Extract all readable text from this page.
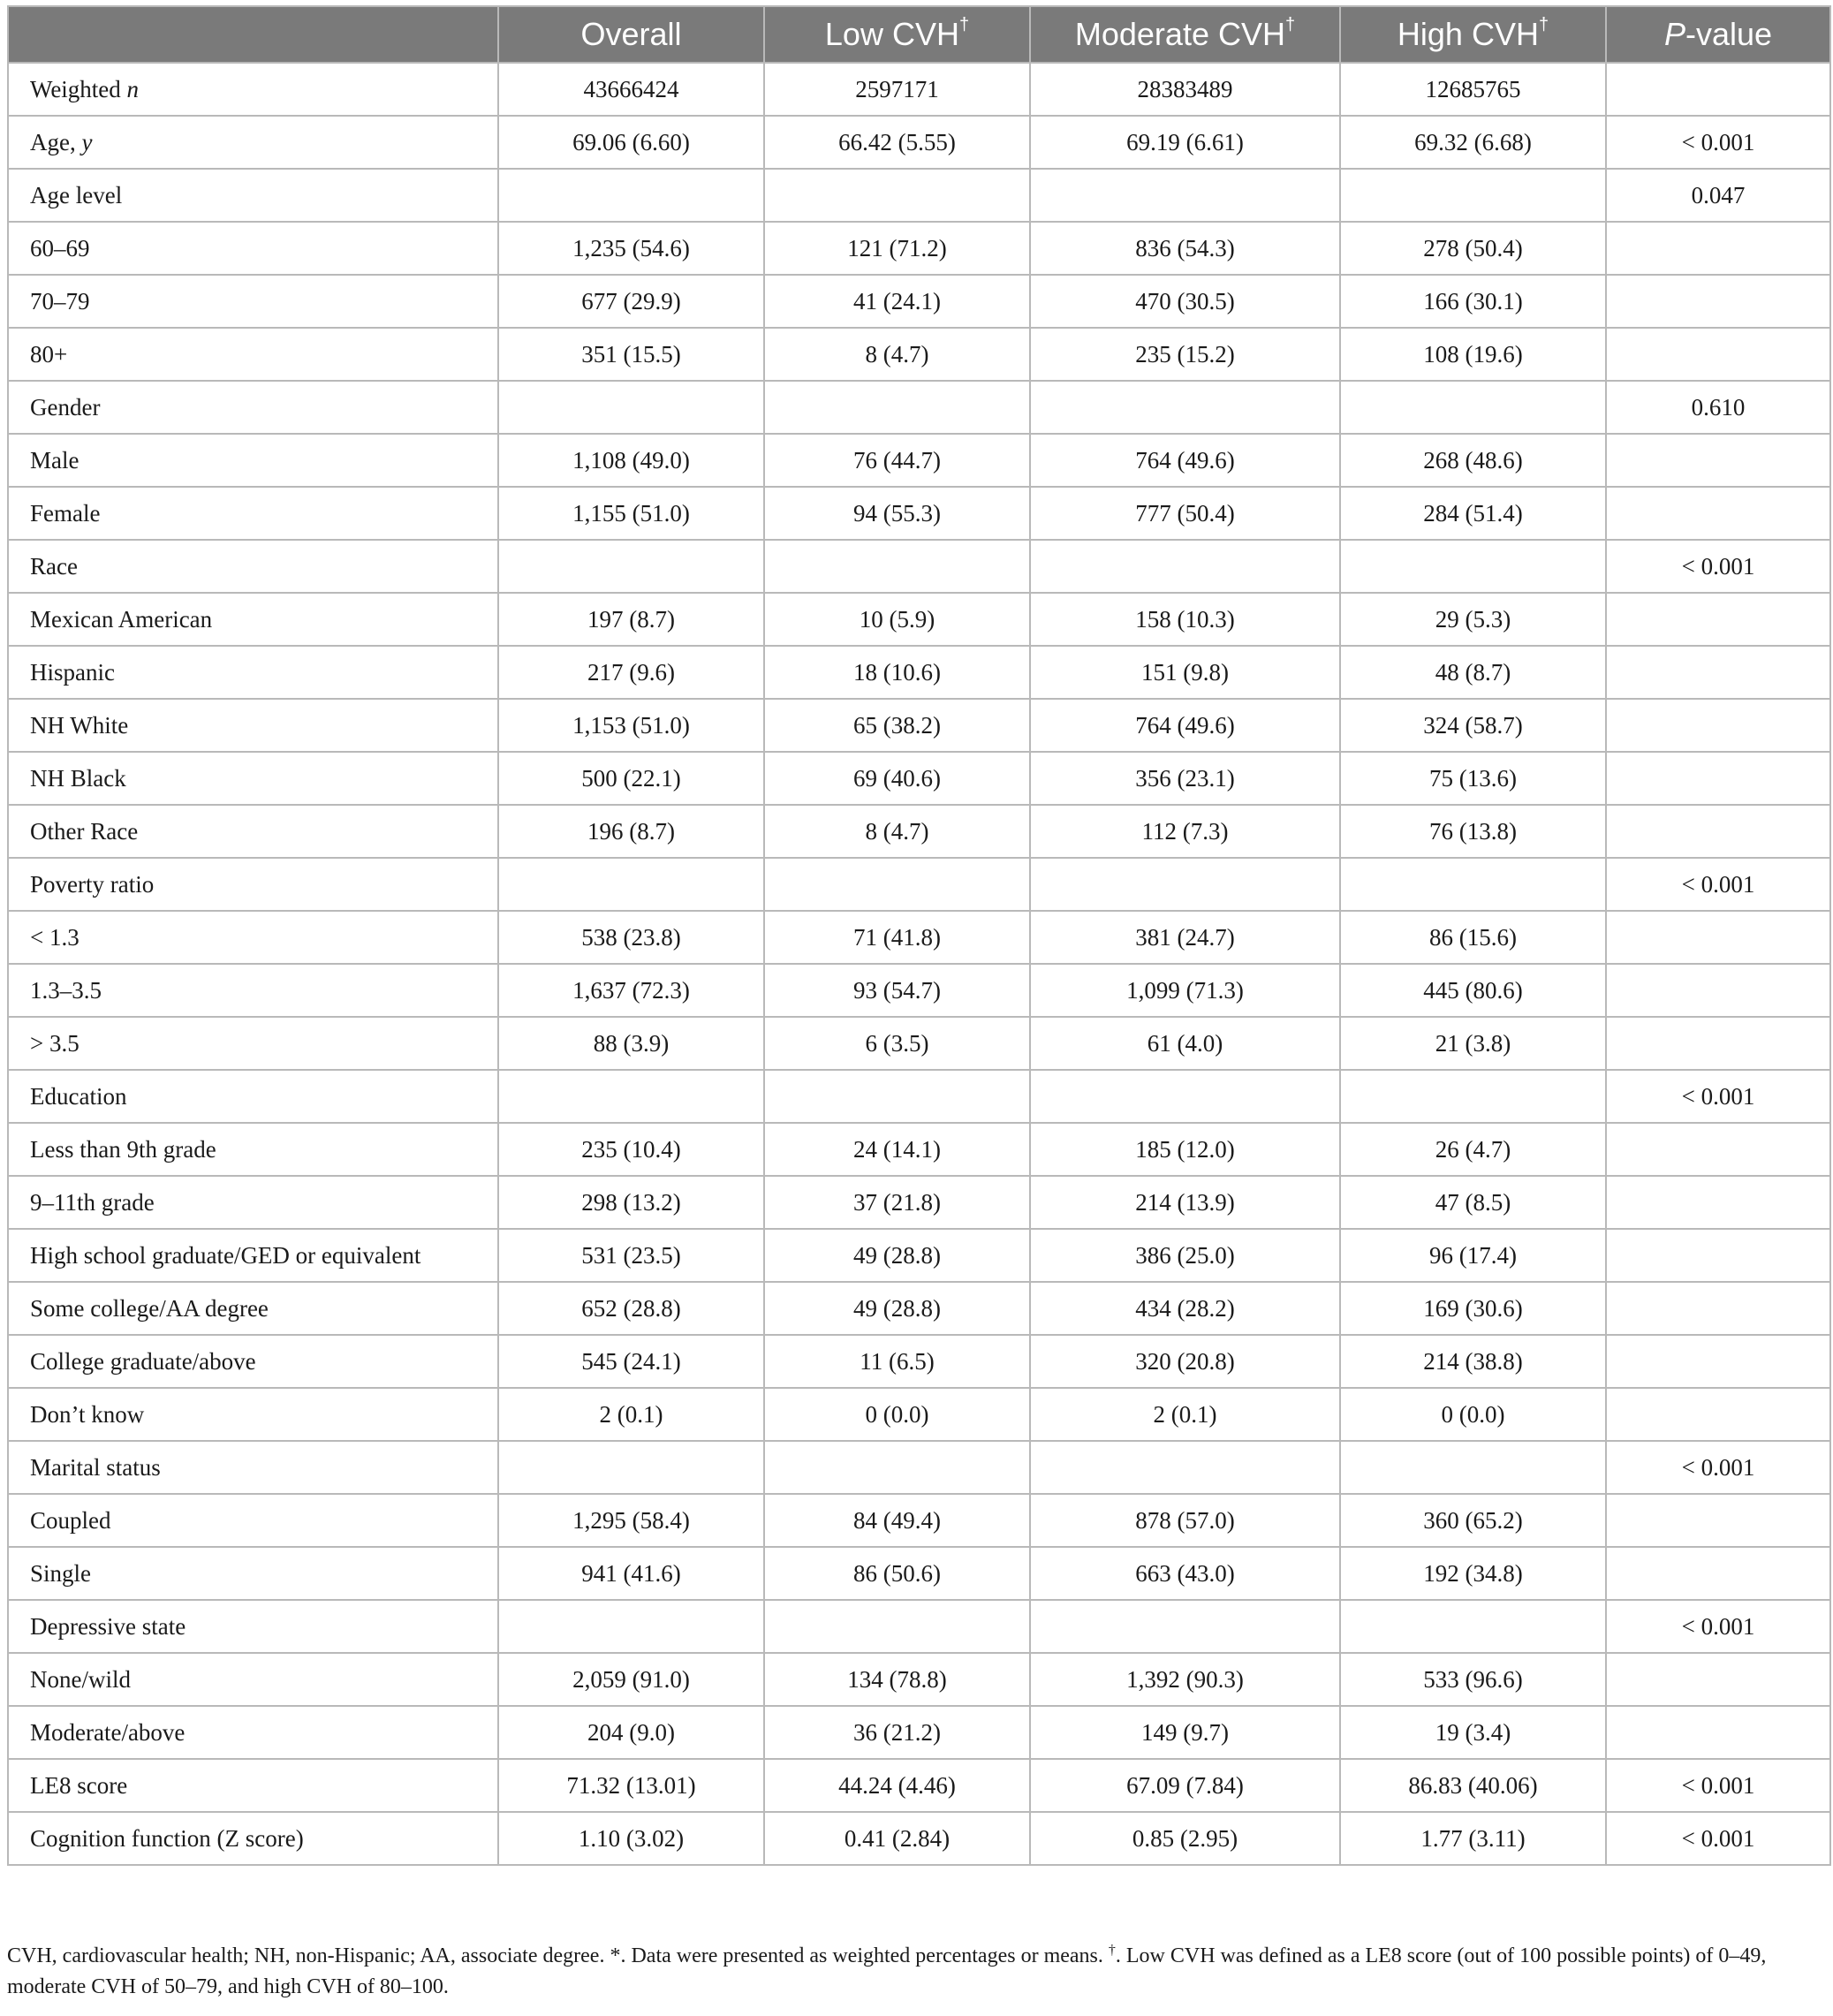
	Overall	Low CVH†	Moderate CVH†	High CVH†	P-value
Weighted n	43666424	2597171	28383489	12685765	
Age, y	69.06 (6.60)	66.42 (5.55)	69.19 (6.61)	69.32 (6.68)	< 0.001
Age level					0.047
60–69	1,235 (54.6)	121 (71.2)	836 (54.3)	278 (50.4)	
70–79	677 (29.9)	41 (24.1)	470 (30.5)	166 (30.1)	
80+	351 (15.5)	8 (4.7)	235 (15.2)	108 (19.6)	
Gender					0.610
Male	1,108 (49.0)	76 (44.7)	764 (49.6)	268 (48.6)	
Female	1,155 (51.0)	94 (55.3)	777 (50.4)	284 (51.4)	
Race					< 0.001
Mexican American	197 (8.7)	10 (5.9)	158 (10.3)	29 (5.3)	
Hispanic	217 (9.6)	18 (10.6)	151 (9.8)	48 (8.7)	
NH White	1,153 (51.0)	65 (38.2)	764 (49.6)	324 (58.7)	
NH Black	500 (22.1)	69 (40.6)	356 (23.1)	75 (13.6)	
Other Race	196 (8.7)	8 (4.7)	112 (7.3)	76 (13.8)	
Poverty ratio					< 0.001
< 1.3	538 (23.8)	71 (41.8)	381 (24.7)	86 (15.6)	
1.3–3.5	1,637 (72.3)	93 (54.7)	1,099 (71.3)	445 (80.6)	
> 3.5	88 (3.9)	6 (3.5)	61 (4.0)	21 (3.8)	
Education					< 0.001
Less than 9th grade	235 (10.4)	24 (14.1)	185 (12.0)	26 (4.7)	
9–11th grade	298 (13.2)	37 (21.8)	214 (13.9)	47 (8.5)	
High school graduate/GED or equivalent	531 (23.5)	49 (28.8)	386 (25.0)	96 (17.4)	
Some college/AA degree	652 (28.8)	49 (28.8)	434 (28.2)	169 (30.6)	
College graduate/above	545 (24.1)	11 (6.5)	320 (20.8)	214 (38.8)	
Don’t know	2 (0.1)	0 (0.0)	2 (0.1)	0 (0.0)	
Marital status					< 0.001
Coupled	1,295 (58.4)	84 (49.4)	878 (57.0)	360 (65.2)	
Single	941 (41.6)	86 (50.6)	663 (43.0)	192 (34.8)	
Depressive state					< 0.001
None/wild	2,059 (91.0)	134 (78.8)	1,392 (90.3)	533 (96.6)	
Moderate/above	204 (9.0)	36 (21.2)	149 (9.7)	19 (3.4)	
LE8 score	71.32 (13.01)	44.24 (4.46)	67.09 (7.84)	86.83 (40.06)	< 0.001
Cognition function (Z score)	1.10 (3.02)	0.41 (2.84)	0.85 (2.95)	1.77 (3.11)	< 0.001
CVH, cardiovascular health; NH, non-Hispanic; AA, associate degree. *. Data were presented as weighted percentages or means. †. Low CVH was defined as a LE8 score (out of 100 possible points) of 0–49, moderate CVH of 50–79, and high CVH of 80–100.
